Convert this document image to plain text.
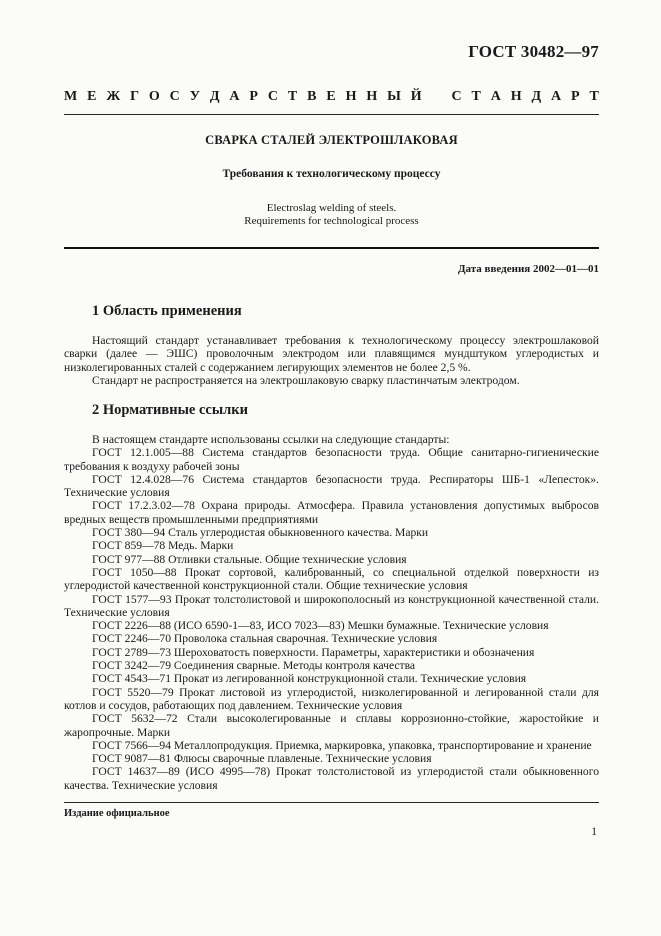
ГОСТ 30482—97
М Е Ж Г О С У Д А Р С Т В Е Н Н Ы Й С Т А Н Д А Р Т
СВАРКА СТАЛЕЙ ЭЛЕКТРОШЛАКОВАЯ
Требования к технологическому процессу
Electroslag welding of steels.
Requirements for technological process
Дата введения 2002—01—01
1 Область применения

Настоящий стандарт устанавливает требования к технологическому процессу электрошлаковой сварки (далее — ЭШС) проволочным электродом или плавящимся мундштуком углеродистых и низколегированных сталей с содержанием легирующих элементов не более 2,5 %.

Стандарт не распространяется на электрошлаковую сварку пластинчатым электродом.

2 Нормативные ссылки

В настоящем стандарте использованы ссылки на следующие стандарты:

ГОСТ 12.1.005—88 Система стандартов безопасности труда. Общие санитарно-гигиенические требования к воздуху рабочей зоны

ГОСТ 12.4.028—76 Система стандартов безопасности труда. Респираторы ШБ-1 «Лепесток». Технические условия

ГОСТ 17.2.3.02—78 Охрана природы. Атмосфера. Правила установления допустимых выбросов вредных веществ промышленными предприятиями

ГОСТ 380—94 Сталь углеродистая обыкновенного качества. Марки

ГОСТ 859—78 Медь. Марки

ГОСТ 977—88 Отливки стальные. Общие технические условия

ГОСТ 1050—88 Прокат сортовой, калиброванный, со специальной отделкой поверхности из углеродистой качественной конструкционной стали. Общие технические условия

ГОСТ 1577—93 Прокат толстолистовой и широкополосный из конструкционной качественной стали. Технические условия

ГОСТ 2226—88 (ИСО 6590-1—83, ИСО 7023—83) Мешки бумажные. Технические условия

ГОСТ 2246—70 Проволока стальная сварочная. Технические условия

ГОСТ 2789—73 Шероховатость поверхности. Параметры, характеристики и обозначения

ГОСТ 3242—79 Соединения сварные. Методы контроля качества

ГОСТ 4543—71 Прокат из легированной конструкционной стали. Технические условия

ГОСТ 5520—79 Прокат листовой из углеродистой, низколегированной и легированной стали для котлов и сосудов, работающих под давлением. Технические условия

ГОСТ 5632—72 Стали высоколегированные и сплавы коррозионно-стойкие, жаростойкие и жаропрочные. Марки

ГОСТ 7566—94 Металлопродукция. Приемка, маркировка, упаковка, транспортирование и хранение

ГОСТ 9087—81 Флюсы сварочные плавленые. Технические условия

ГОСТ 14637—89 (ИСО 4995—78) Прокат толстолистовой из углеродистой стали обыкновенного качества. Технические условия

Издание официальное
1
